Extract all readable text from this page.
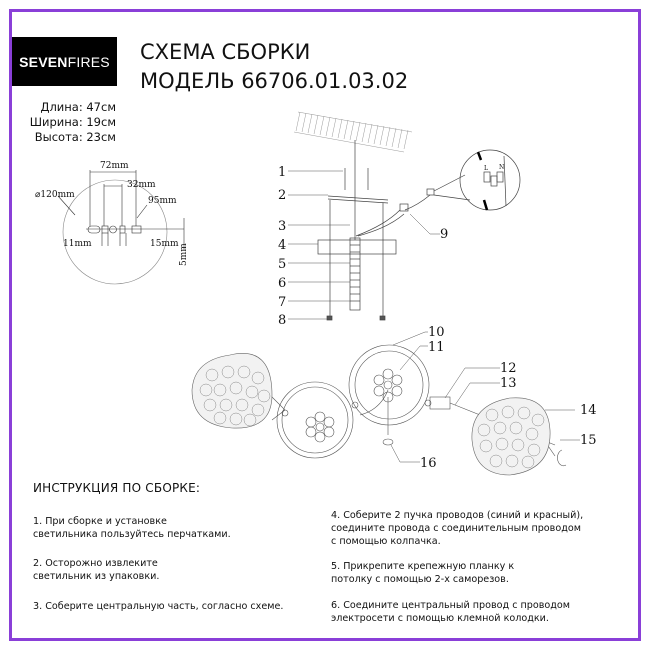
SEVEN FIRES СХЕМА СБОРКИ
МОДЕЛЬ 66706.01.03.02
Длина: 47см
Ширина: 19см
Высота: 23см
72mm
32mm
⌀120mm
95mm
11mm	15mm 5mm
L N
1
2
3
4
5
6
7
8
9
10
11
12
13
14
15
16
ИНСТРУКЦИЯ ПО СБОРКЕ:
1. При сборке и установке
светильника пользуйтесь перчатками.
2. Осторожно извлеките
светильник из упаковки.
3. Соберите центральную часть, согласно схеме.
4. Соберите 2 пучка проводов (синий и красный),
соедините провода с соединительным проводом
с помощью колпачка.
5. Прикрепите крепежную планку к
потолку с помощью 2-х саморезов.
6. Соедините центральный провод с проводом
электросети с помощью клемной колодки.
